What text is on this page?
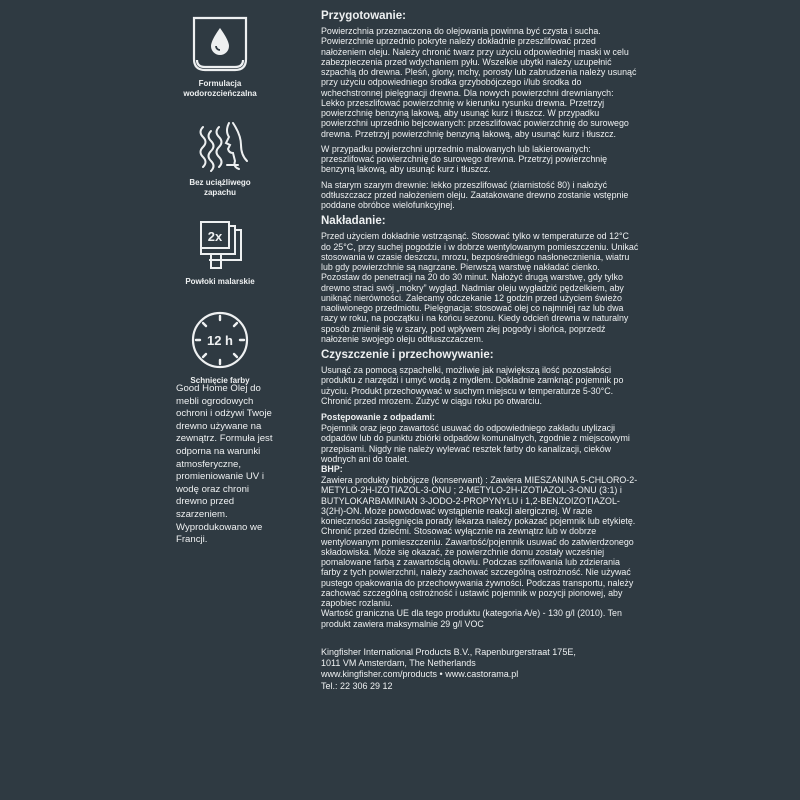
Formulacja
wodorozcieńczalna
Bez uciążliwego
zapachu
2x
Powłoki malarskie
12 h
Schnięcie farby
Good Home Olej do mebli ogrodowych ochroni i odżywi Twoje drewno używane na zewnątrz. Formuła jest odporna na warunki atmosferyczne, promieniowanie UV i wodę oraz chroni drewno przed szarzeniem. Wyprodukowano we Francji.
Przygotowanie:

Powierzchnia przeznaczona do olejowania powinna być czysta i sucha. Powierzchnie uprzednio pokryte należy dokładnie przeszlifować przed nałożeniem oleju. Należy chronić twarz przy użyciu odpowiedniej maski w celu zabezpieczenia przed wdychaniem pyłu. Wszelkie ubytki należy uzupełnić szpachlą do drewna. Pleśń, glony, mchy, porosty lub zabrudzenia należy usunąć przy użyciu odpowiedniego środka grzybobójczego i/lub środka do wchechstronnej pielęgnacji drewna. Dla nowych powierzchni drewnianych: Lekko przeszlifować powierzchnię w kierunku rysunku drewna. Przetrzyj powierzchnię benzyną lakową, aby usunąć kurz i tłuszcz. W przypadku powierzchni uprzednio bejcowanych: przeszlifować powierzchnię do surowego drewna. Przetrzyj powierzchnię benzyną lakową, aby usunąć kurz i tłuszcz.

W przypadku powierzchni uprzednio malowanych lub lakierowanych: przeszlifować powierzchnię do surowego drewna. Przetrzyj powierzchnię benzyną lakową, aby usunąć kurz i tłuszcz.

Na starym szarym drewnie: lekko przeszlifować (ziarnistość 80) i nałożyć odtłuszczacz przed nałożeniem oleju. Zaatakowane drewno zostanie wstępnie poddane obróbce wielofunkcyjnej.

Nakładanie:

Przed użyciem dokładnie wstrząsnąć. Stosować tylko w temperaturze od 12°C do 25°C, przy suchej pogodzie i w dobrze wentylowanym pomieszczeniu. Unikać stosowania w czasie deszczu, mrozu, bezpośredniego nasłonecznienia, wiatru lub gdy powierzchnie są nagrzane. Pierwszą warstwę nakładać cienko. Pozostaw do penetracji na 20 do 30 minut. Nałożyć drugą warstwę, gdy tylko drewno straci swój „mokry” wygląd. Nadmiar oleju wygładzić pędzelkiem, aby uniknąć nierówności. Zalecamy odczekanie 12 godzin przed użyciem świeżo naoliwionego przedmiotu. Pielęgnacja: stosować olej co najmniej raz lub dwa razy w roku, na początku i na końcu sezonu. Kiedy odcień drewna w naturalny sposób zmienił się w szary, pod wpływem złej pogody i słońca, poprzedź nałożenie swojego oleju odtłuszczaczem.

Czyszczenie i przechowywanie:

Usunąć za pomocą szpachelki, możliwie jak największą ilość pozostałości produktu z narzędzi i umyć wodą z mydłem. Dokładnie zamknąć pojemnik po użyciu. Produkt przechowywać w suchym miejscu w temperaturze 5-30°C. Chronić przed mrozem. Zużyć w ciągu roku po otwarciu.

Postępowanie z odpadami:

Pojemnik oraz jego zawartość usuwać do odpowiedniego zakładu utylizacji odpadów lub do punktu zbiórki odpadów komunalnych, zgodnie z miejscowymi przepisami. Nigdy nie należy wylewać resztek farby do kanalizacji, cieków wodnych ani do toalet.

BHP:

Zawiera produkty biobójcze (konserwant) : Zawiera MIESZANINA 5-CHLORO-2-METYLO-2H-IZOTIAZOL-3-ONU ; 2-METYLO-2H-IZOTIAZOL-3-ONU (3:1) i BUTYLOKARBAMINIAN 3-JODO-2-PROPYNYLU i 1,2-BENZOIZOTIAZOL-3(2H)-ON. Może powodować wystąpienie reakcji alergicznej. W razie konieczności zasięgnięcia porady lekarza należy pokazać pojemnik lub etykietę. Chronić przed dziećmi. Stosować wyłącznie na zewnątrz lub w dobrze wentylowanym pomieszczeniu. Zawartość/pojemnik usuwać do zatwierdzonego składowiska. Może się okazać, że powierzchnie domu zostały wcześniej pomalowane farbą z zawartością ołowiu. Podczas szlifowania lub zdzierania farby z tych powierzchni, należy zachować szczególną ostrożność. Nie używać pustego opakowania do przechowywania żywności. Podczas transportu, należy zachować szczególną ostrożność i ustawić pojemnik w pozycji pionowej, aby zapobiec rozlaniu.

Wartość graniczna UE dla tego produktu (kategoria A/e) - 130 g/l (2010). Ten produkt zawiera maksymalnie 29 g/l VOC

Kingfisher International Products B.V., Rapenburgerstraat 175E,

1011 VM Amsterdam, The Netherlands

www.kingfisher.com/products • www.castorama.pl

Tel.: 22 306 29 12
